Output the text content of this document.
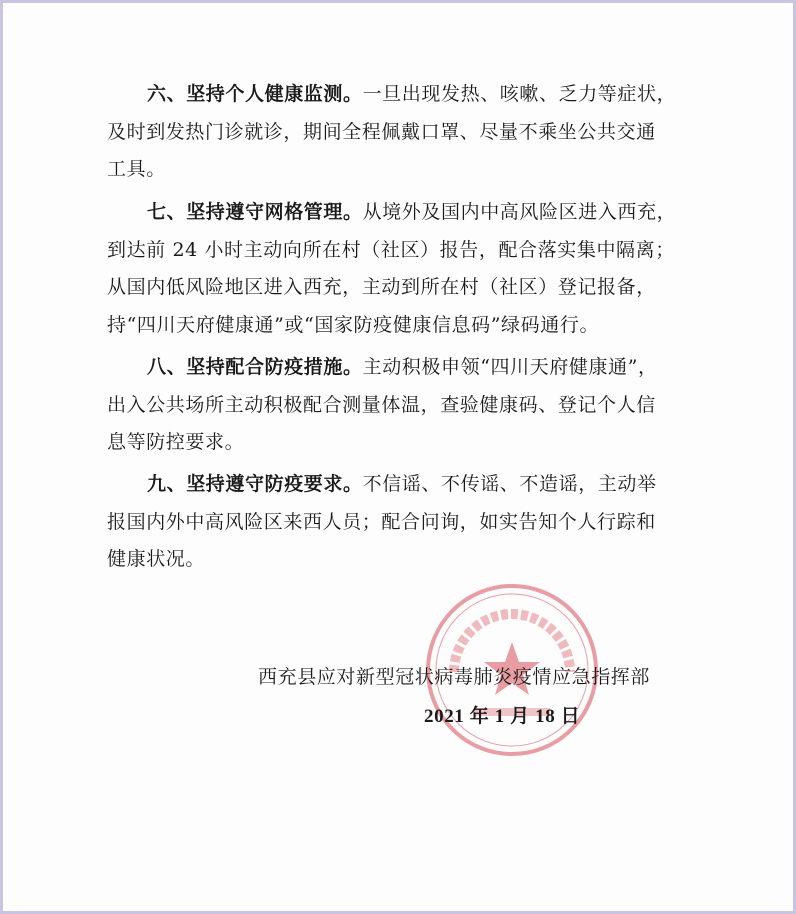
六、坚持个人健康监测。一旦出现发热、咳嗽、乏力等症状，
及时到发热门诊就诊，期间全程佩戴口罩、尽量不乘坐公共交通
工具。
七、坚持遵守网格管理。从境外及国内中高风险区进入西充，
到达前 24 小时主动向所在村（社区）报告，配合落实集中隔离；
从国内低风险地区进入西充，主动到所在村（社区）登记报备，
持“四川天府健康通”或“国家防疫健康信息码”绿码通行。
八、坚持配合防疫措施。主动积极申领“四川天府健康通”，
出入公共场所主动积极配合测量体温，查验健康码、登记个人信
息等防控要求。
九、坚持遵守防疫要求。不信谣、不传谣、不造谣，主动举
报国内外中高风险区来西人员；配合问询，如实告知个人行踪和
健康状况。
西充县应对新型冠状病毒肺炎疫情应急指挥部
2021 年 1 月 18 日
